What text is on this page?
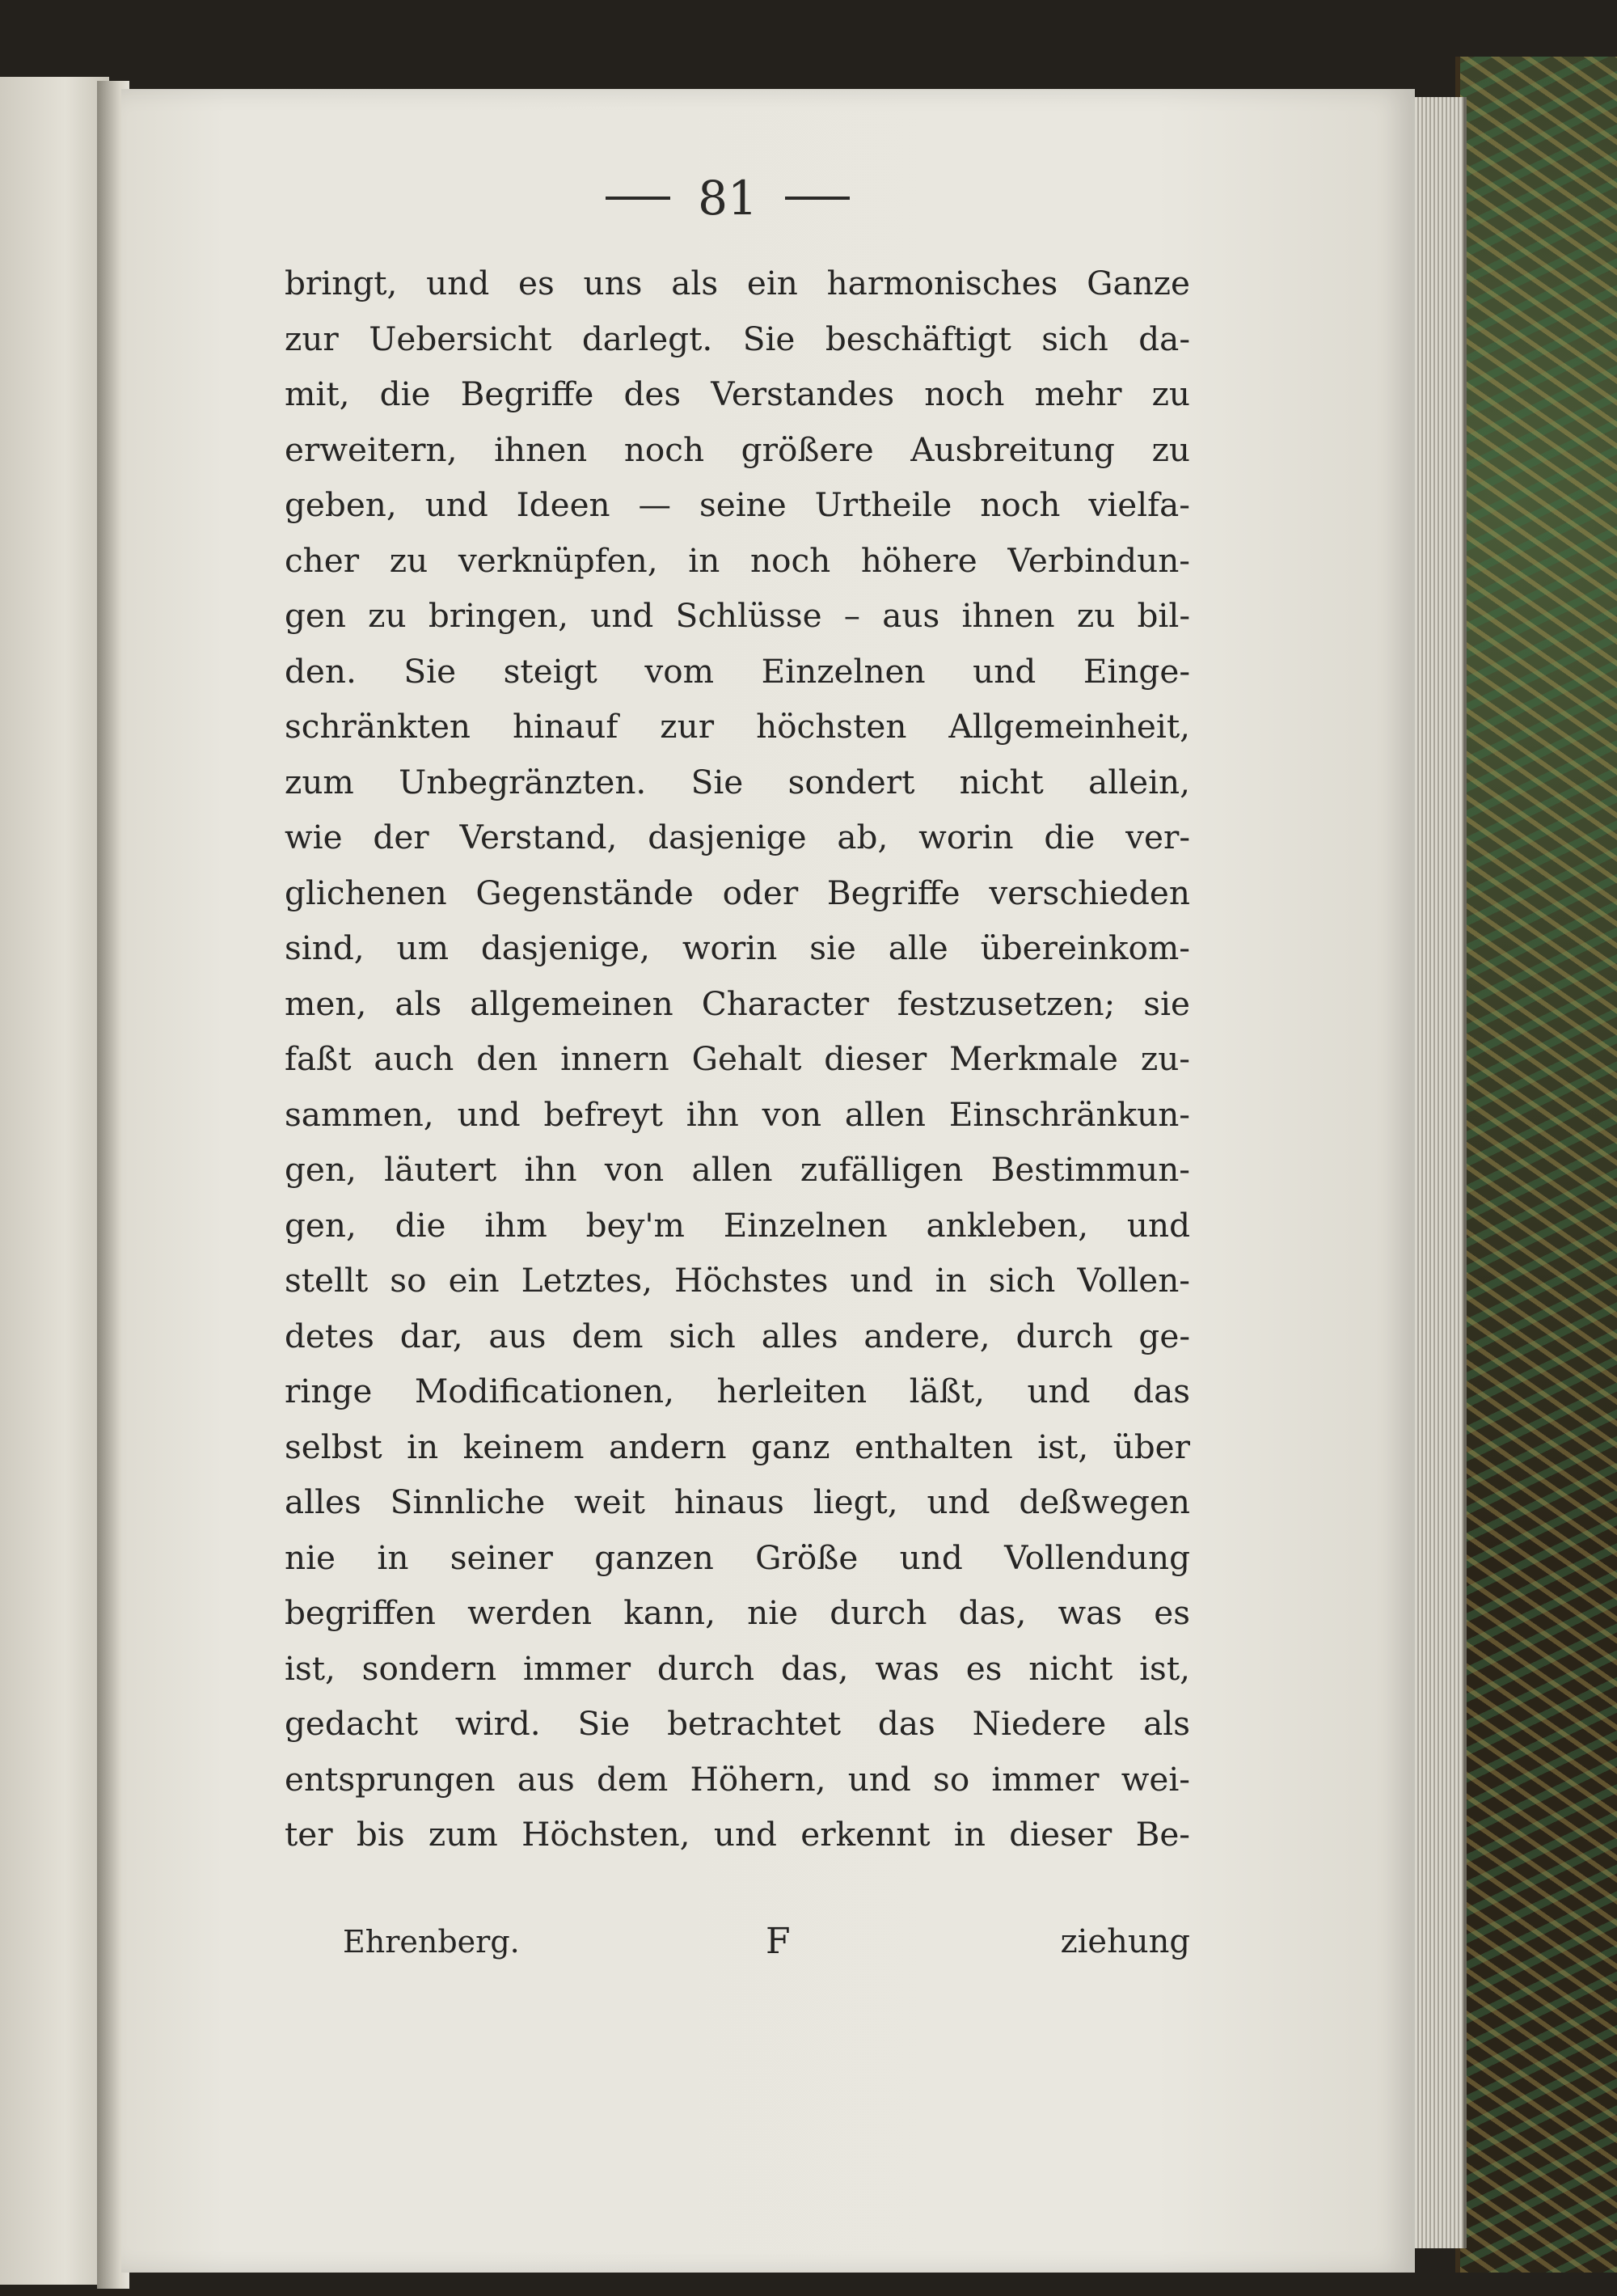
81
bringt, und es uns als ein harmonisches Ganze
zur Uebersicht darlegt. Sie beschäftigt sich da-
mit, die Begriffe des Verstandes noch mehr zu
erweitern, ihnen noch größere Ausbreitung zu
geben, und Ideen — seine Urtheile noch vielfa-
cher zu verknüpfen, in noch höhere Verbindun-
gen zu bringen, und Schlüsse – aus ihnen zu bil-
den. Sie steigt vom Einzelnen und Einge-
schränkten hinauf zur höchsten Allgemeinheit,
zum Unbegränzten. Sie sondert nicht allein,
wie der Verstand, dasjenige ab, worin die ver-
glichenen Gegenstände oder Begriffe verschieden
sind, um dasjenige, worin sie alle übereinkom-
men, als allgemeinen Character festzusetzen; sie
faßt auch den innern Gehalt dieser Merkmale zu-
sammen, und befreyt ihn von allen Einschränkun-
gen, läutert ihn von allen zufälligen Bestimmun-
gen, die ihm bey'm Einzelnen ankleben, und
stellt so ein Letztes, Höchstes und in sich Vollen-
detes dar, aus dem sich alles andere, durch ge-
ringe Modificationen, herleiten läßt, und das
selbst in keinem andern ganz enthalten ist, über
alles Sinnliche weit hinaus liegt, und deßwegen
nie in seiner ganzen Größe und Vollendung
begriffen werden kann, nie durch das, was es
ist, sondern immer durch das, was es nicht ist,
gedacht wird. Sie betrachtet das Niedere als
entsprungen aus dem Höhern, und so immer wei-
ter bis zum Höchsten, und erkennt in dieser Be-
Ehrenberg.	F	ziehung
